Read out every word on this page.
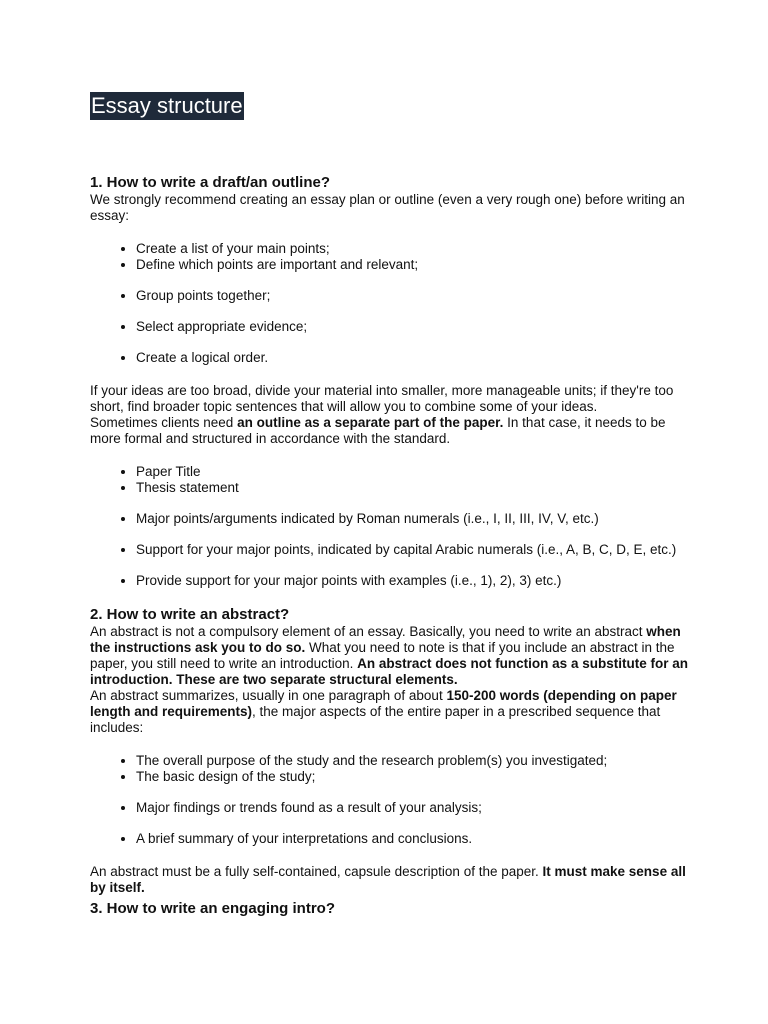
Essay structure
1. How to write a draft/an outline?

We strongly recommend creating an essay plan or outline (even a very rough one) before writing an essay:

• Create a list of your main points;
• Define which points are important and relevant;
• Group points together;
• Select appropriate evidence;
• Create a logical order.

If your ideas are too broad, divide your material into smaller, more manageable units; if they're too short, find broader topic sentences that will allow you to combine some of your ideas.

Sometimes clients need an outline as a separate part of the paper. In that case, it needs to be more formal and structured in accordance with the standard.

• Paper Title
• Thesis statement
• Major points/arguments indicated by Roman numerals (i.e., I, II, III, IV, V, etc.)
• Support for your major points, indicated by capital Arabic numerals (i.e., A, B, C, D, E, etc.)
• Provide support for your major points with examples (i.e., 1), 2), 3) etc.)
2. How to write an abstract?

An abstract is not a compulsory element of an essay. Basically, you need to write an abstract when the instructions ask you to do so. What you need to note is that if you include an abstract in the paper, you still need to write an introduction. An abstract does not function as a substitute for an introduction. These are two separate structural elements.

An abstract summarizes, usually in one paragraph of about 150-200 words (depending on paper length and requirements), the major aspects of the entire paper in a prescribed sequence that includes:

• The overall purpose of the study and the research problem(s) you investigated;
• The basic design of the study;
• Major findings or trends found as a result of your analysis;
• A brief summary of your interpretations and conclusions.

An abstract must be a fully self-contained, capsule description of the paper. It must make sense all by itself.

3. How to write an engaging intro?
